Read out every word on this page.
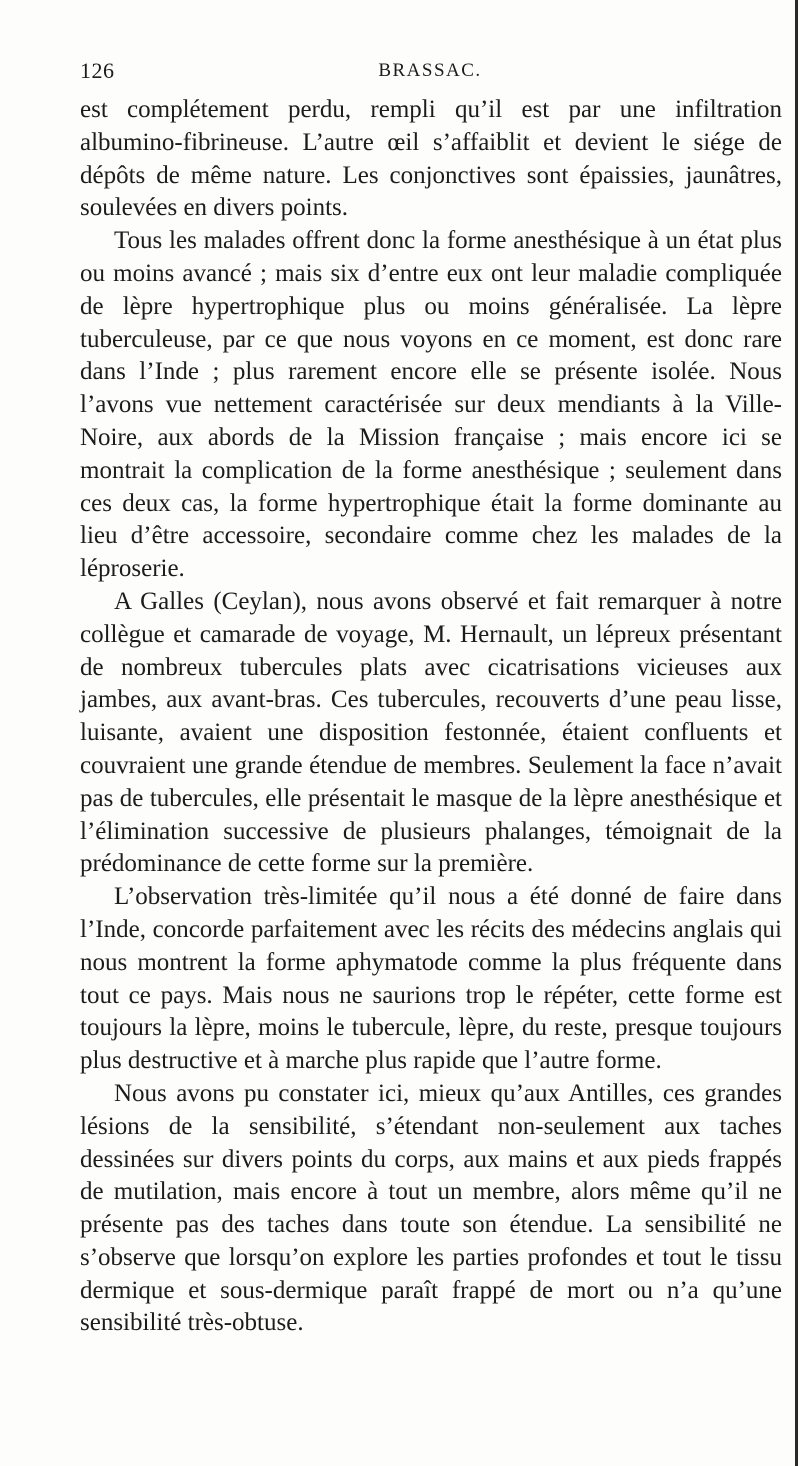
126	BRASSAC.

est complétement perdu, rempli qu’il est par une infiltration albumino-fibrineuse. L’autre œil s’affaiblit et devient le siége de dépôts de même nature. Les conjonctives sont épaissies, jaunâtres, soulevées en divers points.

Tous les malades offrent donc la forme anesthésique à un état plus ou moins avancé ; mais six d’entre eux ont leur maladie compliquée de lèpre hypertrophique plus ou moins généralisée. La lèpre tuberculeuse, par ce que nous voyons en ce moment, est donc rare dans l’Inde ; plus rarement encore elle se présente isolée. Nous l’avons vue nettement caractérisée sur deux mendiants à la Ville-Noire, aux abords de la Mission française ; mais encore ici se montrait la complication de la forme anesthésique ; seulement dans ces deux cas, la forme hypertrophique était la forme dominante au lieu d’être accessoire, secondaire comme chez les malades de la léproserie.

A Galles (Ceylan), nous avons observé et fait remarquer à notre collègue et camarade de voyage, M. Hernault, un lépreux présentant de nombreux tubercules plats avec cicatrisations vicieuses aux jambes, aux avant-bras. Ces tubercules, recouverts d’une peau lisse, luisante, avaient une disposition festonnée, étaient confluents et couvraient une grande étendue de membres. Seulement la face n’avait pas de tubercules, elle présentait le masque de la lèpre anesthésique et l’élimination successive de plusieurs phalanges, témoignait de la prédominance de cette forme sur la première.

L’observation très-limitée qu’il nous a été donné de faire dans l’Inde, concorde parfaitement avec les récits des médecins anglais qui nous montrent la forme aphymatode comme la plus fréquente dans tout ce pays. Mais nous ne saurions trop le répéter, cette forme est toujours la lèpre, moins le tubercule, lèpre, du reste, presque toujours plus destructive et à marche plus rapide que l’autre forme.

Nous avons pu constater ici, mieux qu’aux Antilles, ces grandes lésions de la sensibilité, s’étendant non-seulement aux taches dessinées sur divers points du corps, aux mains et aux pieds frappés de mutilation, mais encore à tout un membre, alors même qu’il ne présente pas des taches dans toute son étendue. La sensibilité ne s’observe que lorsqu’on explore les parties profondes et tout le tissu dermique et sous-dermique paraît frappé de mort ou n’a qu’une sensibilité très-obtuse.
